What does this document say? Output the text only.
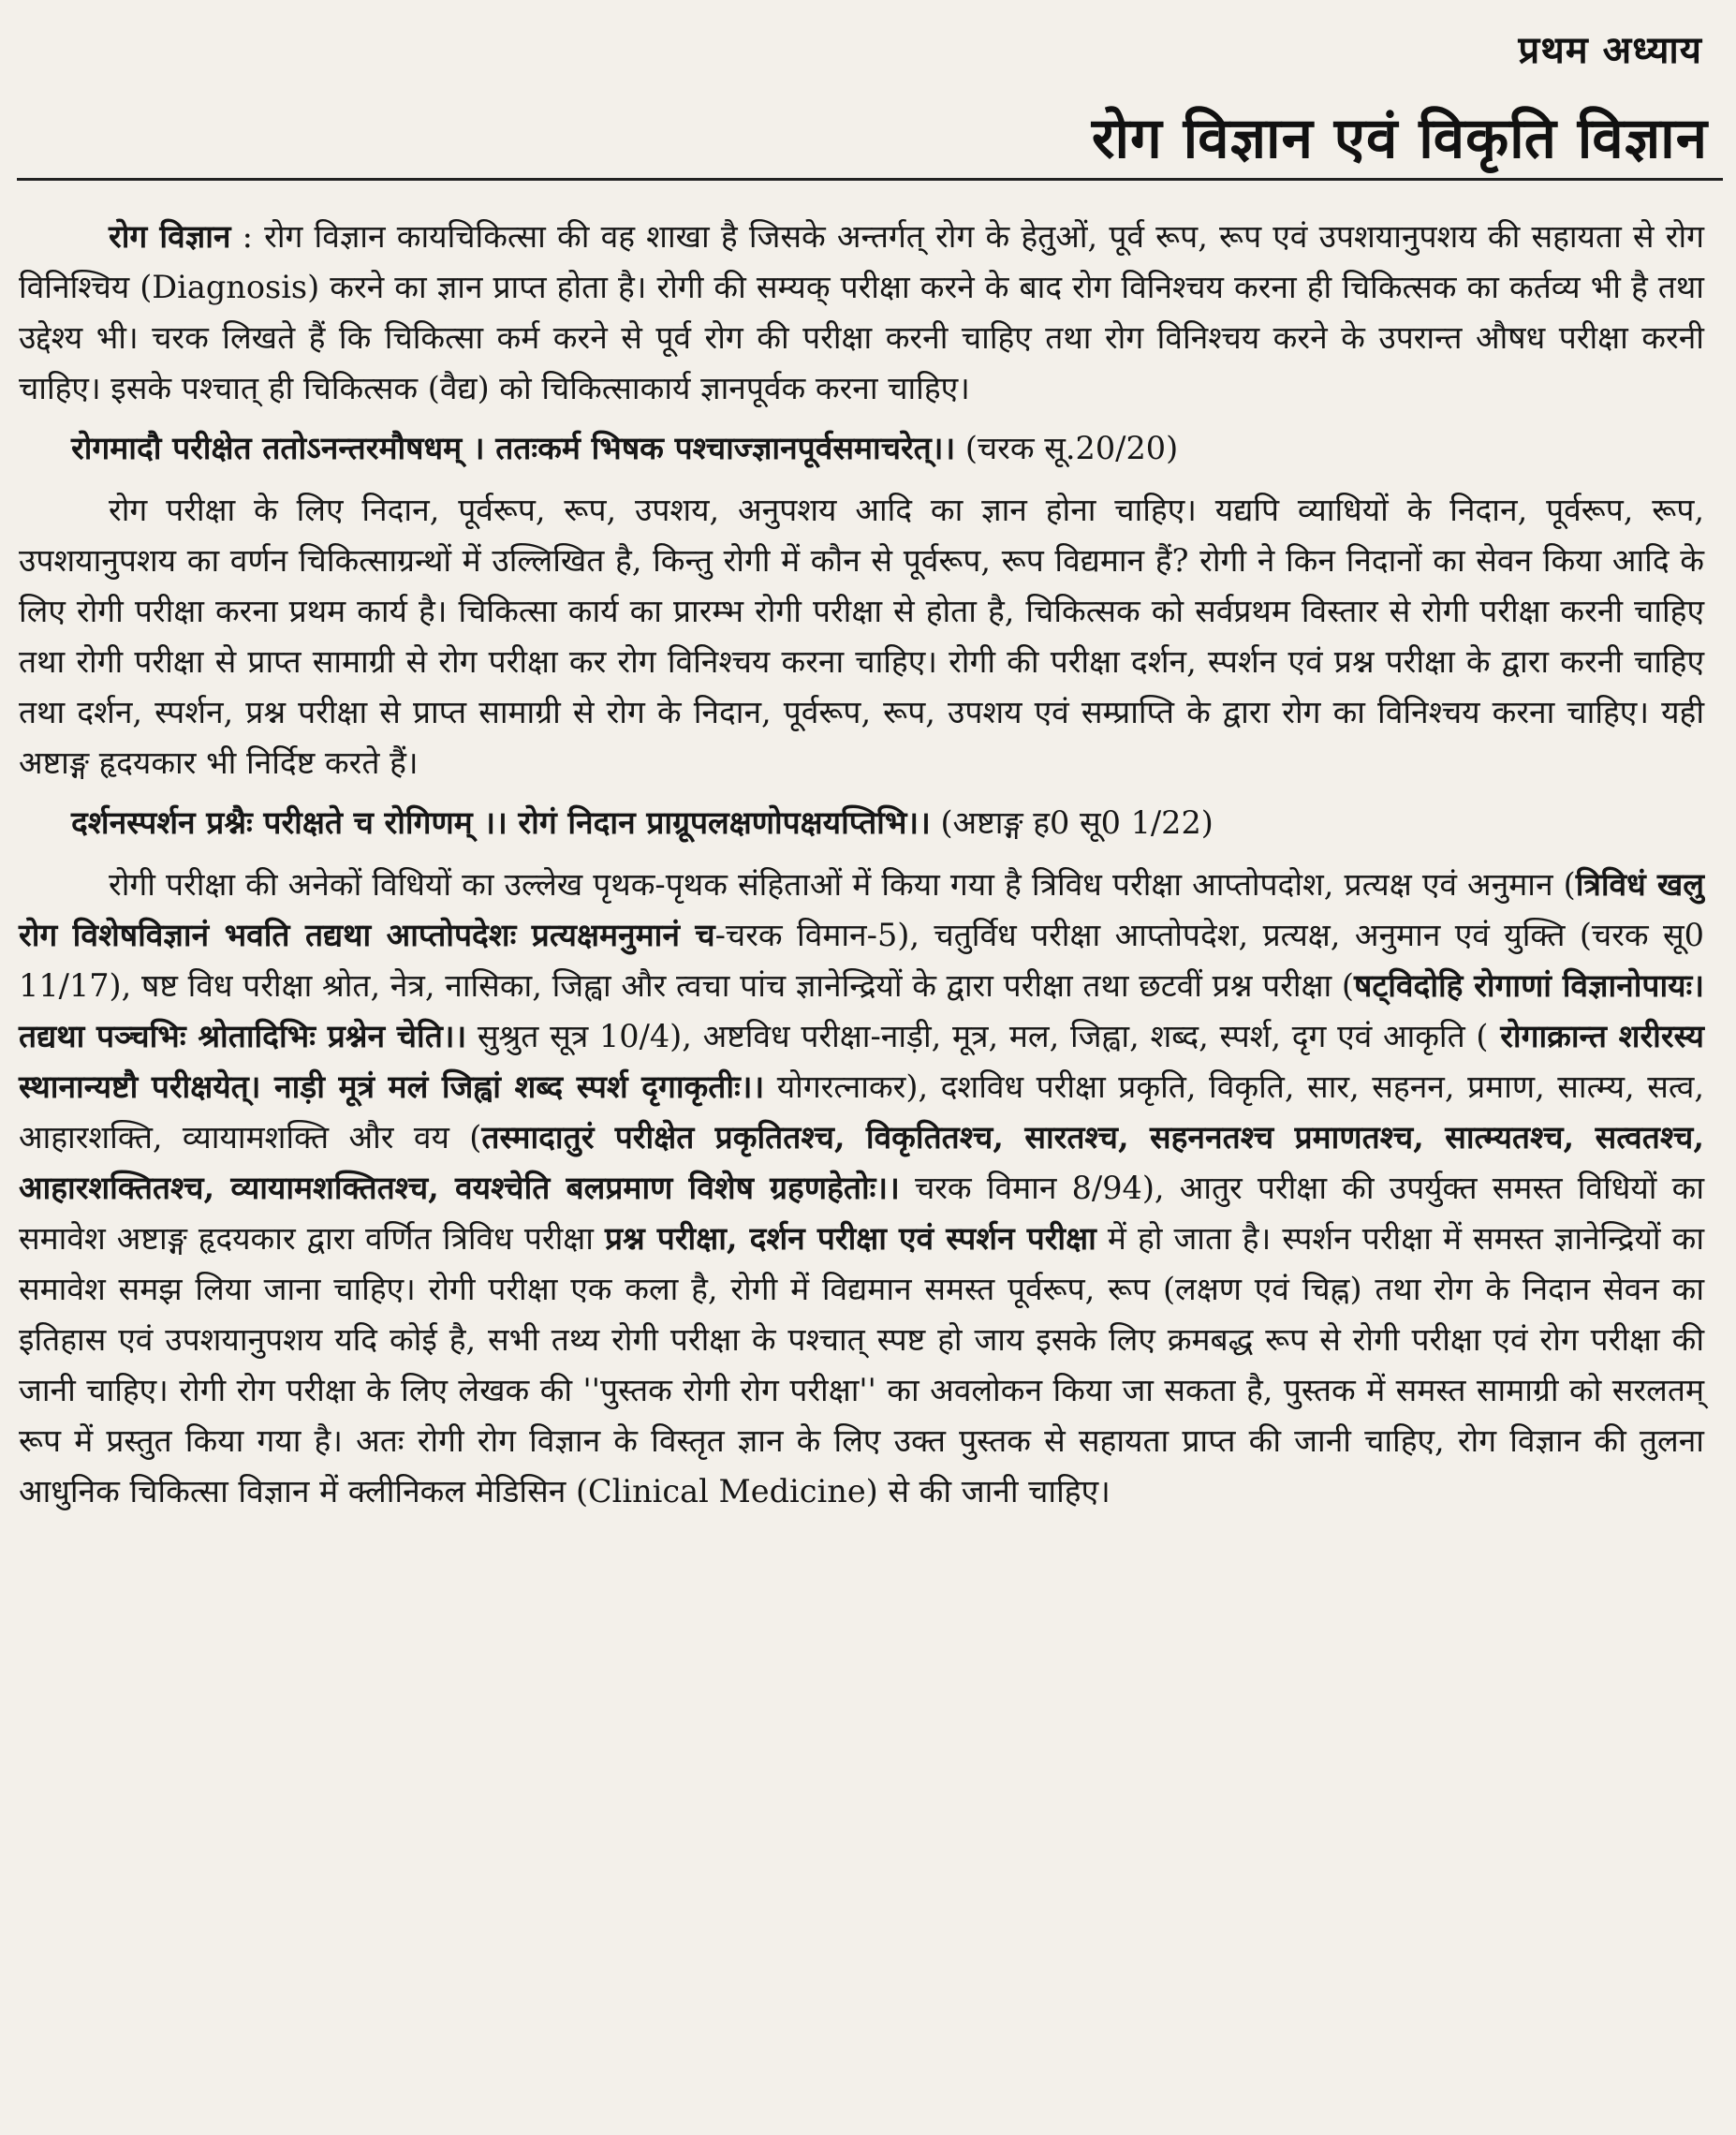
प्रथम अध्याय
रोग विज्ञान एवं विकृति विज्ञान

रोग विज्ञान : रोग विज्ञान कायचिकित्सा की वह शाखा है जिसके अन्तर्गत् रोग के हेतुओं, पूर्व रूप, रूप एवं उपशयानुपशय की सहायता से रोग विनिश्चिय (Diagnosis) करने का ज्ञान प्राप्त होता है। रोगी की सम्यक् परीक्षा करने के बाद रोग विनिश्चय करना ही चिकित्सक का कर्तव्य भी है तथा उद्देश्य भी। चरक लिखते हैं कि चिकित्सा कर्म करने से पूर्व रोग की परीक्षा करनी चाहिए तथा रोग विनिश्चय करने के उपरान्त औषध परीक्षा करनी चाहिए। इसके पश्चात् ही चिकित्सक (वैद्य) को चिकित्साकार्य ज्ञानपूर्वक करना चाहिए।

रोगमादौ परीक्षेत ततोऽनन्तरमौषधम् । ततःकर्म भिषक पश्चाज्ज्ञानपूर्वसमाचरेत्।। (चरक सू.20/20)

रोग परीक्षा के लिए निदान, पूर्वरूप, रूप, उपशय, अनुपशय आदि का ज्ञान होना चाहिए। यद्यपि व्याधियों के निदान, पूर्वरूप, रूप, उपशयानुपशय का वर्णन चिकित्साग्रन्थों में उल्लिखित है, किन्तु रोगी में कौन से पूर्वरूप, रूप विद्यमान हैं? रोगी ने किन निदानों का सेवन किया आदि के लिए रोगी परीक्षा करना प्रथम कार्य है। चिकित्सा कार्य का प्रारम्भ रोगी परीक्षा से होता है, चिकित्सक को सर्वप्रथम विस्तार से रोगी परीक्षा करनी चाहिए तथा रोगी परीक्षा से प्राप्त सामाग्री से रोग परीक्षा कर रोग विनिश्चय करना चाहिए। रोगी की परीक्षा दर्शन, स्पर्शन एवं प्रश्न परीक्षा के द्वारा करनी चाहिए तथा दर्शन, स्पर्शन, प्रश्न परीक्षा से प्राप्त सामाग्री से रोग के निदान, पूर्वरूप, रूप, उपशय एवं सम्प्राप्ति के द्वारा रोग का विनिश्चय करना चाहिए। यही अष्टाङ्ग हृदयकार भी निर्दिष्ट करते हैं।

दर्शनस्पर्शन प्रश्नैः परीक्षते च रोगिणम् ।। रोगं निदान प्राग्रूपलक्षणोपक्षयप्तिभि।। (अष्टाङ्ग ह0 सू0 1/22)

रोगी परीक्षा की अनेकों विधियों का उल्लेख पृथक-पृथक संहिताओं में किया गया है त्रिविध परीक्षा आप्तोपदोश, प्रत्यक्ष एवं अनुमान (त्रिविधं खलु रोग विशेषविज्ञानं भवति तद्यथा आप्तोपदेशः प्रत्यक्षमनुमानं च-चरक विमान-5), चतुर्विध परीक्षा आप्तोपदेश, प्रत्यक्ष, अनुमान एवं युक्ति (चरक सू0 11/17), षष्ट विध परीक्षा श्रोत, नेत्र, नासिका, जिह्वा और त्वचा पांच ज्ञानेन्द्रियों के द्वारा परीक्षा तथा छटवीं प्रश्न परीक्षा (षट्विदोहि रोगाणां विज्ञानोपायः। तद्यथा पञ्चभिः श्रोतादिभिः प्रश्नेन चेति।। सुश्रुत सूत्र 10/4), अष्टविध परीक्षा-नाड़ी, मूत्र, मल, जिह्वा, शब्द, स्पर्श, दृग एवं आकृति ( रोगाक्रान्त शरीरस्य स्थानान्यष्टौ परीक्षयेत्। नाड़ी मूत्रं मलं जिह्वां शब्द स्पर्श दृगाकृतीः।। योगरत्नाकर), दशविध परीक्षा प्रकृति, विकृति, सार, सहनन, प्रमाण, सात्म्य, सत्व, आहारशक्ति, व्यायामशक्ति और वय (तस्मादातुरं परीक्षेत प्रकृतितश्च, विकृतितश्च, सारतश्च, सहननतश्च प्रमाणतश्च, सात्म्यतश्च, सत्वतश्च, आहारशक्तितश्च, व्यायामशक्तितश्च, वयश्चेति बलप्रमाण विशेष ग्रहणहेतोः।। चरक विमान 8/94), आतुर परीक्षा की उपर्युक्त समस्त विधियों का समावेश अष्टाङ्ग हृदयकार द्वारा वर्णित त्रिविध परीक्षा प्रश्न परीक्षा, दर्शन परीक्षा एवं स्पर्शन परीक्षा में हो जाता है। स्पर्शन परीक्षा में समस्त ज्ञानेन्द्रियों का समावेश समझ लिया जाना चाहिए। रोगी परीक्षा एक कला है, रोगी में विद्यमान समस्त पूर्वरूप, रूप (लक्षण एवं चिह्न) तथा रोग के निदान सेवन का इतिहास एवं उपशयानुपशय यदि कोई है, सभी तथ्य रोगी परीक्षा के पश्चात् स्पष्ट हो जाय इसके लिए क्रमबद्ध रूप से रोगी परीक्षा एवं रोग परीक्षा की जानी चाहिए। रोगी रोग परीक्षा के लिए लेखक की ''पुस्तक रोगी रोग परीक्षा'' का अवलोकन किया जा सकता है, पुस्तक में समस्त सामाग्री को सरलतम् रूप में प्रस्तुत किया गया है। अतः रोगी रोग विज्ञान के विस्तृत ज्ञान के लिए उक्त पुस्तक से सहायता प्राप्त की जानी चाहिए, रोग विज्ञान की तुलना आधुनिक चिकित्सा विज्ञान में क्लीनिकल मेडिसिन (Clinical Medicine) से की जानी चाहिए।
